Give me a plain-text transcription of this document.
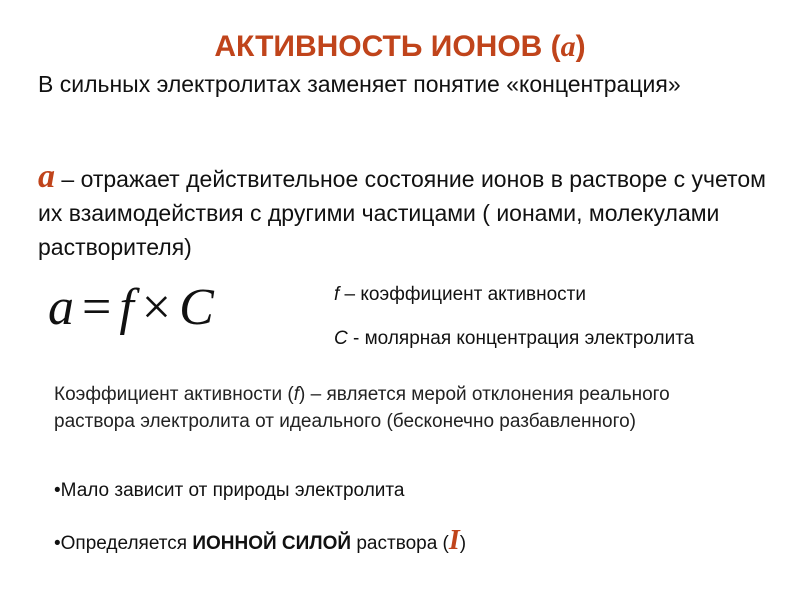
АКТИВНОСТЬ ИОНОВ (а)
В сильных электролитах заменяет понятие «концентрация»
а – отражает действительное состояние ионов в растворе с учетом их взаимодействия с другими частицами ( ионами, молекулами растворителя)
a = f × C	f – коэффициент активности
С - молярная концентрация электролита
Коэффициент активности (f) – является мерой отклонения реального раствора электролита от идеального (бесконечно разбавленного)
•Мало зависит от природы электролита
•Определяется ИОННОЙ СИЛОЙ раствора (I)
